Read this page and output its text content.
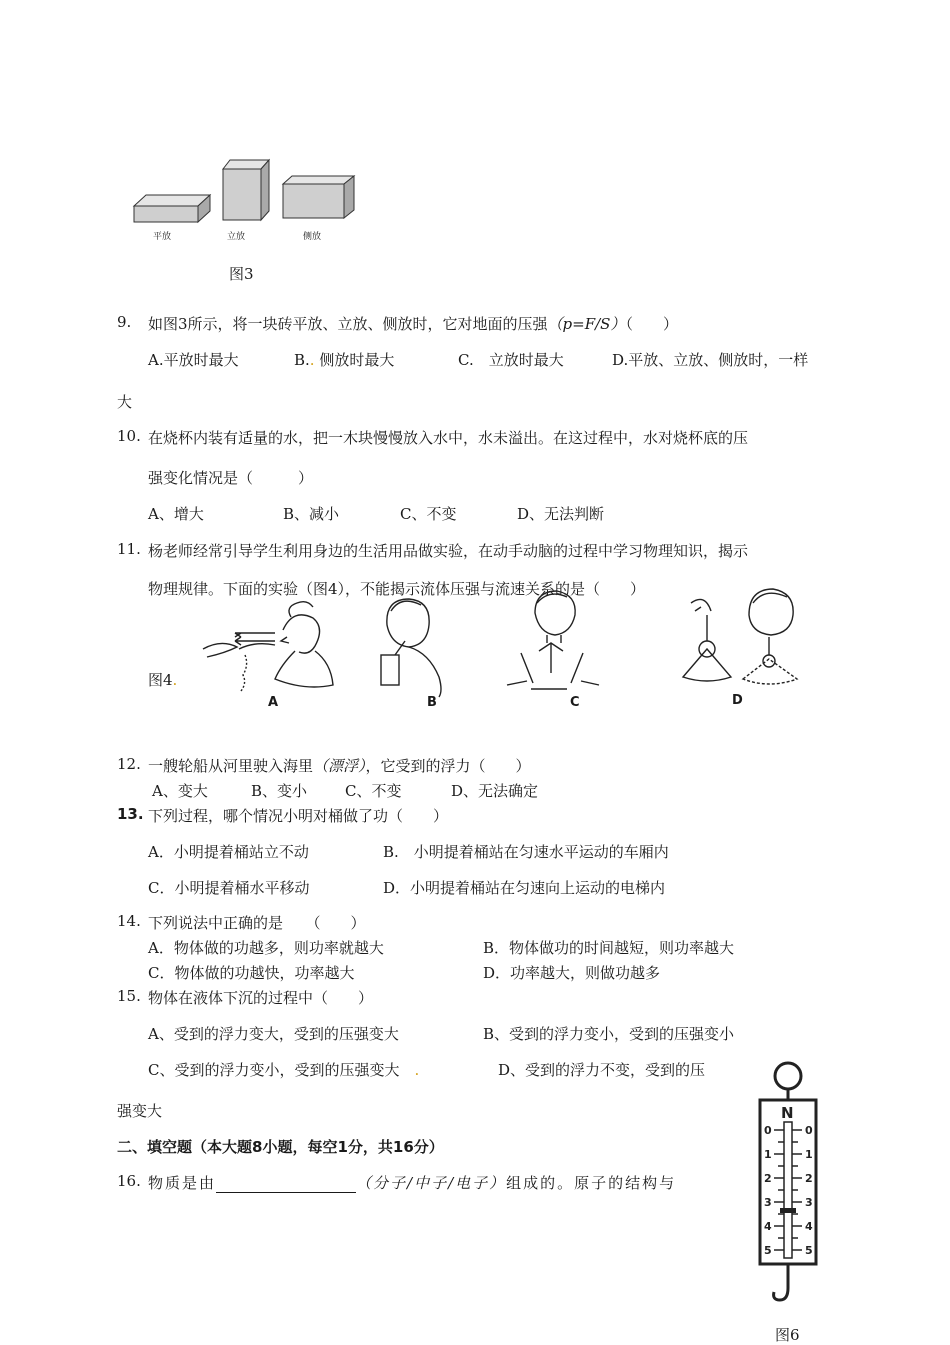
平放	立放	侧放
图3
9. 如图3所示，将一块砖平放、立放、侧放时，它对地面的压强（p=F/S）（　　）
A.平放时最大	B.. 侧放时最大	C.　立放时最大	D.平放、立放、侧放时，一样
大
10. 在烧杯内装有适量的水，把一木块慢慢放入水中，水未溢出。在这过程中，水对烧杯底的压
强变化情况是（　　　）
A、增大	B、减小	C、不变	D、无法判断
11. 杨老师经常引导学生利用身边的生活用品做实验，在动手动脑的过程中学习物理知识，揭示
物理规律。下面的实验（图4），不能揭示流体压强与流速关系的是（　　）
图4.
A	B	C	D
12. 一艘轮船从河里驶入海里（漂浮），它受到的浮力（　　）
A、变大	B、变小	C、不变	D、无法确定
13. 下列过程，哪个情况小明对桶做了功（　　）
A．小明提着桶站立不动	B.　小明提着桶站在匀速水平运动的车厢内
C．小明提着桶水平移动	D．小明提着桶站在匀速向上运动的电梯内
14. 下列说法中正确的是　　（　　）
A．物体做的功越多，则功率就越大	B．物体做功的时间越短，则功率越大
C．物体做的功越快，功率越大	D．功率越大，则做功越多
15. 物体在液体下沉的过程中（　　）
A、受到的浮力变大，受到的压强变大	B、受到的浮力变小，受到的压强变小
C、受到的浮力变小，受到的压强变大　 .	D、受到的浮力不变，受到的压
强变大
二、填空题（本大题8小题，每空1分，共16分）
16. 物质是由	（分子/中子/电子）组成的。原子的结构与
N
0	0
1	1
2	2
3	3
4	4
5	5
图6
